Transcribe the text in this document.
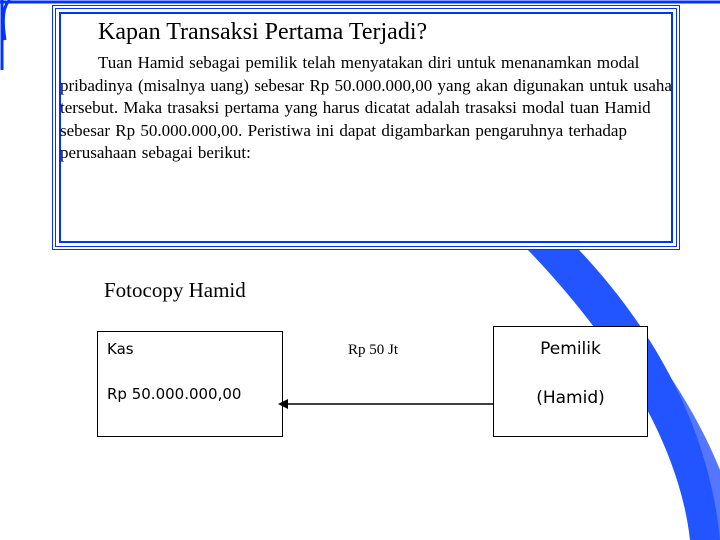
Kapan Transaksi Pertama Terjadi?
Tuan Hamid sebagai pemilik telah menyatakan diri untuk menanamkan modal pribadinya (misalnya uang) sebesar Rp 50.000.000,00 yang akan digunakan untuk usaha tersebut. Maka trasaksi pertama yang harus dicatat adalah trasaksi modal tuan Hamid sebesar Rp 50.000.000,00. Peristiwa ini dapat digambarkan pengaruhnya terhadap perusahaan sebagai berikut:
Fotocopy Hamid
Kas
Rp 50.000.000,00
Rp 50 Jt	Pemilik
(Hamid)
